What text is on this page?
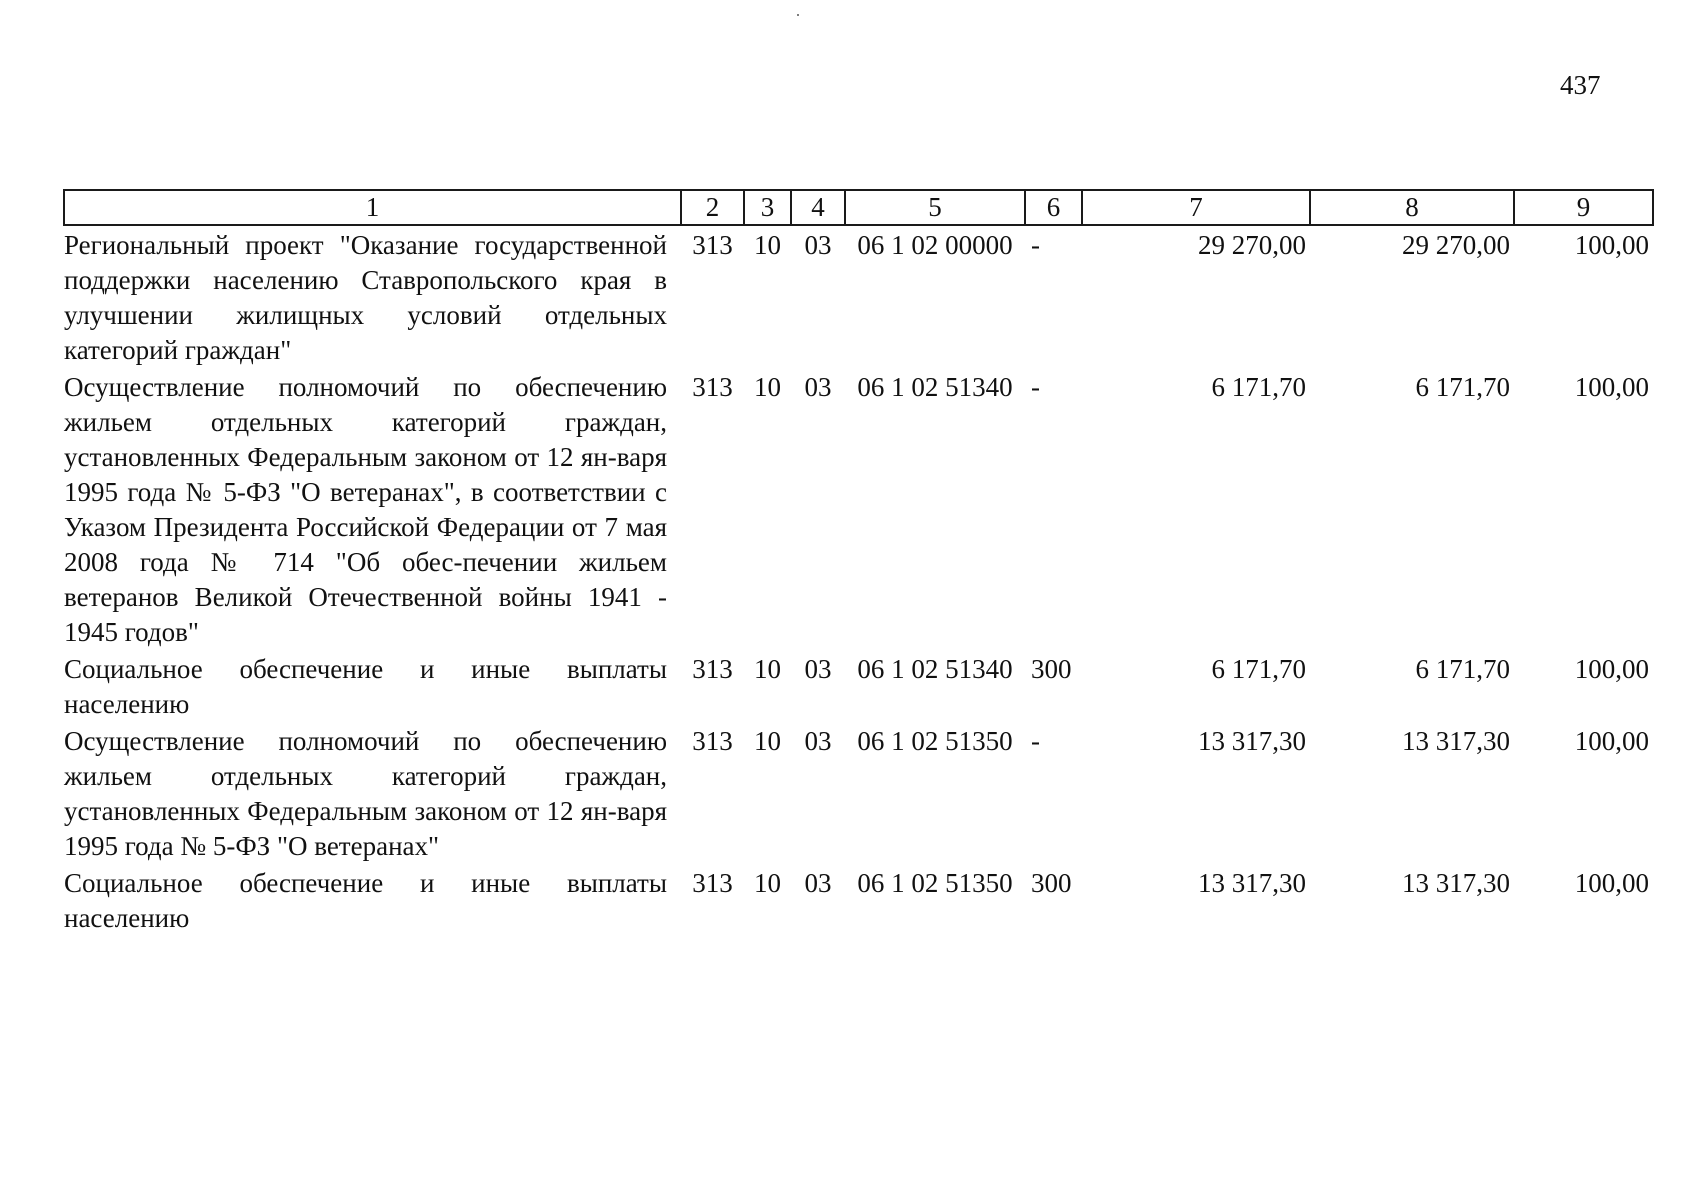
437
1	2	3	4	5	6	7	8	9
Региональный проект "Оказание государственной поддержки населению Ставропольского края в улучшении жилищных условий отдельных категорий граждан"	313	10	03	06 1 02 00000	-	29 270,00	29 270,00	100,00
Осуществление полномочий по обеспечению жильем отдельных категорий граждан, установленных Федеральным законом от 12 ян-варя 1995 года № 5-ФЗ "О ветеранах", в соответствии с Указом Президента Российской Федерации от 7 мая 2008 года № 714 "Об обес-печении жильем ветеранов Великой Отечественной войны 1941 - 1945 годов"	313	10	03	06 1 02 51340	-	6 171,70	6 171,70	100,00
Социальное обеспечение и иные выплаты населению	313	10	03	06 1 02 51340	300	6 171,70	6 171,70	100,00
Осуществление полномочий по обеспечению жильем отдельных категорий граждан, установленных Федеральным законом от 12 ян-варя 1995 года № 5-ФЗ "О ветеранах"	313	10	03	06 1 02 51350	-	13 317,30	13 317,30	100,00
Социальное обеспечение и иные выплаты населению	313	10	03	06 1 02 51350	300	13 317,30	13 317,30	100,00
